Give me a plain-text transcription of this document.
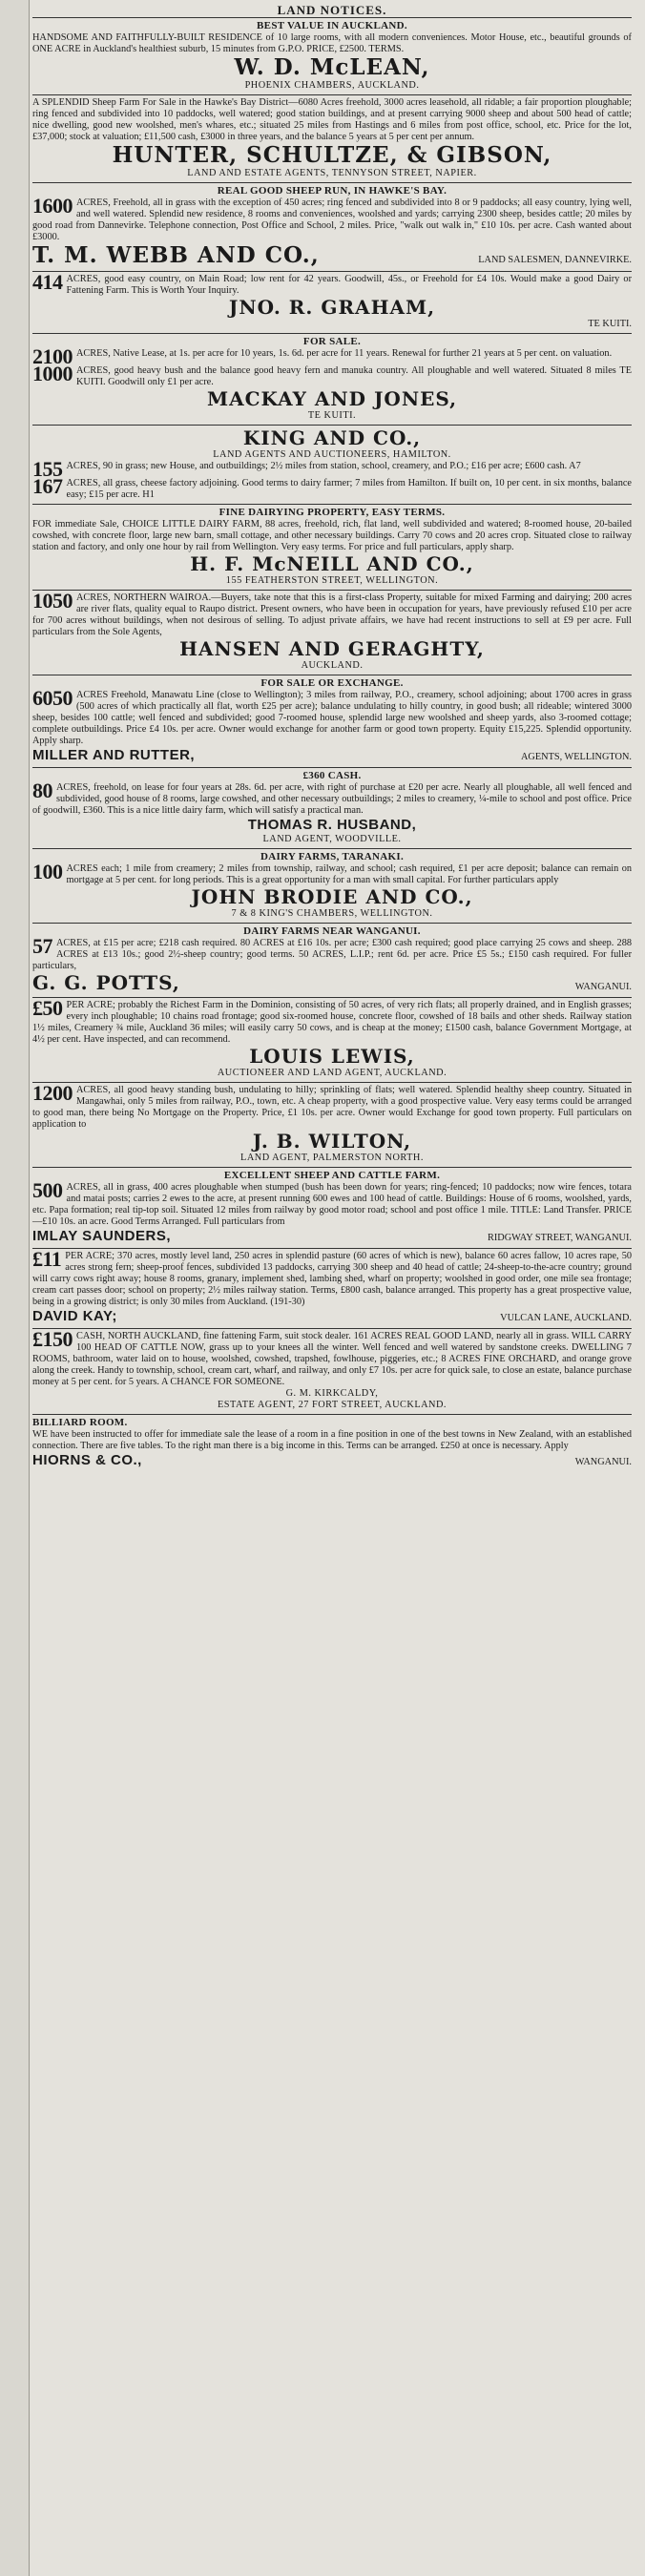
LAND NOTICES.
BEST VALUE IN AUCKLAND.

HANDSOME AND FAITHFULLY-BUILT RESIDENCE of 10 large rooms, with all modern conveniences. Motor House, etc., beautiful grounds of ONE ACRE in Auckland's healthiest suburb, 15 minutes from G.P.O. PRICE, £2500. TERMS.

W. D. McLEAN,
PHOENIX CHAMBERS, AUCKLAND.

A SPLENDID Sheep Farm For Sale in the Hawke's Bay District—6080 Acres freehold, 3000 acres leasehold, all ridable; a fair proportion ploughable; ring fenced and subdivided into 10 paddocks, well watered; good station buildings, and at present carrying 9000 sheep and about 500 head of cattle; nice dwelling, good new woolshed, men's whares, etc.; situated 25 miles from Hastings and 6 miles from post office, school, etc. Price for the lot, £37,000; stock at valuation; £11,500 cash, £3000 in three years, and the balance 5 years at 5 per cent per annum.

HUNTER, SCHULTZE, & GIBSON,
LAND AND ESTATE AGENTS, TENNYSON STREET, NAPIER.
REAL GOOD SHEEP RUN, IN HAWKE'S BAY.

1600 ACRES, Freehold, all in grass with the exception of 450 acres; ring fenced and subdivided into 8 or 9 paddocks; all easy country, lying well, and well watered. Splendid new residence, 8 rooms and conveniences, woolshed and yards; carrying 2300 sheep, besides cattle; 20 miles by good road from Dannevirke. Telephone connection, Post Office and School, 2 miles. Price, "walk out walk in," £10 10s. per acre. Cash wanted about £3000.

T. M. WEBB AND CO.,	LAND SALESMEN, DANNEVIRKE.

414 ACRES, good easy country, on Main Road; low rent for 42 years. Goodwill, 45s., or Freehold for £4 10s. Would make a good Dairy or Fattening Farm. This is Worth Your Inquiry.

JNO. R. GRAHAM,
TE KUITI.
FOR SALE.

2100 ACRES, Native Lease, at 1s. per acre for 10 years, 1s. 6d. per acre for 11 years. Renewal for further 21 years at 5 per cent. on valuation.

1000 ACRES, good heavy bush and the balance good heavy fern and manuka country. All ploughable and well watered. Situated 8 miles TE KUITI. Goodwill only £1 per acre.

MACKAY AND JONES,
TE KUITI.
KING AND CO.,
LAND AGENTS AND AUCTIONEERS, HAMILTON.

155 ACRES, 90 in grass; new House, and outbuildings; 2½ miles from station, school, creamery, and P.O.; £16 per acre; £600 cash. A7

167 ACRES, all grass, cheese factory adjoining. Good terms to dairy farmer; 7 miles from Hamilton. If built on, 10 per cent. in six months, balance easy; £15 per acre. H1

FINE DAIRYING PROPERTY, EASY TERMS.

FOR immediate Sale, CHOICE LITTLE DAIRY FARM, 88 acres, freehold, rich, flat land, well subdivided and watered; 8-roomed house, 20-bailed cowshed, with concrete floor, large new barn, small cottage, and other necessary buildings. Carry 70 cows and 20 acres crop. Situated close to railway station and factory, and only one hour by rail from Wellington. Very easy terms. For price and full particulars, apply sharp.

H. F. McNEILL AND CO.,
155 FEATHERSTON STREET, WELLINGTON.

1050 ACRES, NORTHERN WAIROA.—Buyers, take note that this is a first-class Property, suitable for mixed Farming and dairying; 200 acres are river flats, quality equal to Raupo district. Present owners, who have been in occupation for years, have previously refused £10 per acre for 700 acres without buildings, when not desirous of selling. To adjust private affairs, we have had recent instructions to sell at £9 per acre. Full particulars from the Sole Agents,

HANSEN AND GERAGHTY,
AUCKLAND.
FOR SALE OR EXCHANGE.

6050 ACRES Freehold, Manawatu Line (close to Wellington); 3 miles from railway, P.O., creamery, school adjoining; about 1700 acres in grass (500 acres of which practically all flat, worth £25 per acre); balance undulating to hilly country, in good bush; all rideable; wintered 3000 sheep, besides 100 cattle; well fenced and subdivided; good 7-roomed house, splendid large new woolshed and sheep yards, also 3-roomed cottage; complete outbuildings. Price £4 10s. per acre. Owner would exchange for another farm or good town property. Equity £15,225. Splendid opportunity. Apply sharp.

MILLER AND RUTTER,	AGENTS, WELLINGTON.
£360 CASH.

80 ACRES, freehold, on lease for four years at 28s. 6d. per acre, with right of purchase at £20 per acre. Nearly all ploughable, all well fenced and subdivided, good house of 8 rooms, large cowshed, and other necessary outbuildings; 2 miles to creamery, ¼-mile to school and post office. Price of goodwill, £360. This is a nice little dairy farm, which will satisfy a practical man.

THOMAS R. HUSBAND,
LAND AGENT, WOODVILLE.
DAIRY FARMS, TARANAKI.

100 ACRES each; 1 mile from creamery; 2 miles from township, railway, and school; cash required, £1 per acre deposit; balance can remain on mortgage at 5 per cent. for long periods. This is a great opportunity for a man with small capital. For further particulars apply

JOHN BRODIE AND CO.,
7 & 8 KING'S CHAMBERS, WELLINGTON.
DAIRY FARMS NEAR WANGANUI.

57 ACRES, at £15 per acre; £218 cash required. 80 ACRES at £16 10s. per acre; £300 cash required; good place carrying 25 cows and sheep. 288 ACRES at £13 10s.; good 2½-sheep country; good terms. 50 ACRES, L.I.P.; rent 6d. per acre. Price £5 5s.; £150 cash required. For fuller particulars,

G. G. POTTS,	WANGANUI.

£50 PER ACRE; probably the Richest Farm in the Dominion, consisting of 50 acres, of very rich flats; all properly drained, and in English grasses; every inch ploughable; 10 chains road frontage; good six-roomed house, concrete floor, cowshed of 18 bails and other sheds. Railway station 1½ miles, Creamery ¾ mile, Auckland 36 miles; will easily carry 50 cows, and is cheap at the money; £1500 cash, balance Government Mortgage, at 4½ per cent. Have inspected, and can recommend.

LOUIS LEWIS,
AUCTIONEER AND LAND AGENT, AUCKLAND.

1200 ACRES, all good heavy standing bush, undulating to hilly; sprinkling of flats; well watered. Splendid healthy sheep country. Situated in Mangawhai, only 5 miles from railway, P.O., town, etc. A cheap property, with a good prospective value. Very easy terms could be arranged to good man, there being No Mortgage on the Property. Price, £1 10s. per acre. Owner would Exchange for good town property. Full particulars on application to

J. B. WILTON,
LAND AGENT, PALMERSTON NORTH.
EXCELLENT SHEEP AND CATTLE FARM.

500 ACRES, all in grass, 400 acres ploughable when stumped (bush has been down for years; ring-fenced; 10 paddocks; now wire fences, totara and matai posts; carries 2 ewes to the acre, at present running 600 ewes and 100 head of cattle. Buildings: House of 6 rooms, woolshed, yards, etc. Papa formation; real tip-top soil. Situated 12 miles from railway by good motor road; school and post office 1 mile. TITLE: Land Transfer. PRICE—£10 10s. an acre. Good Terms Arranged. Full particulars from

IMLAY SAUNDERS,	RIDGWAY STREET, WANGANUI.

£11 PER ACRE; 370 acres, mostly level land, 250 acres in splendid pasture (60 acres of which is new), balance 60 acres fallow, 10 acres rape, 50 acres strong fern; sheep-proof fences, subdivided 13 paddocks, carrying 300 sheep and 40 head of cattle; 24-sheep-to-the-acre country; ground will carry cows right away; house 8 rooms, granary, implement shed, lambing shed, wharf on property; woolshed in good order, one mile sea frontage; cream cart passes door; school on property; 2½ miles railway station. Terms, £800 cash, balance arranged. This property has a great prospective value, being in a growing district; is only 30 miles from Auckland. (191-30)

DAVID KAY;	VULCAN LANE, AUCKLAND.

£150 CASH, NORTH AUCKLAND, fine fattening Farm, suit stock dealer. 161 ACRES REAL GOOD LAND, nearly all in grass. WILL CARRY 100 HEAD OF CATTLE NOW, grass up to your knees all the winter. Well fenced and well watered by sandstone creeks. DWELLING 7 ROOMS, bathroom, water laid on to house, woolshed, cowshed, trapshed, fowlhouse, piggeries, etc.; 8 ACRES FINE ORCHARD, and orange grove along the creek. Handy to township, school, cream cart, wharf, and railway, and only £7 10s. per acre for quick sale, to close an estate, balance purchase money at 5 per cent. for 5 years. A CHANCE FOR SOMEONE.

G. M. KIRKCALDY,
ESTATE AGENT, 27 FORT STREET, AUCKLAND.
BILLIARD ROOM.

WE have been instructed to offer for immediate sale the lease of a room in a fine position in one of the best towns in New Zealand, with an established connection. There are five tables. To the right man there is a big income in this. Terms can be arranged. £250 at once is necessary. Apply

HIORNS & CO.,	WANGANUI.
